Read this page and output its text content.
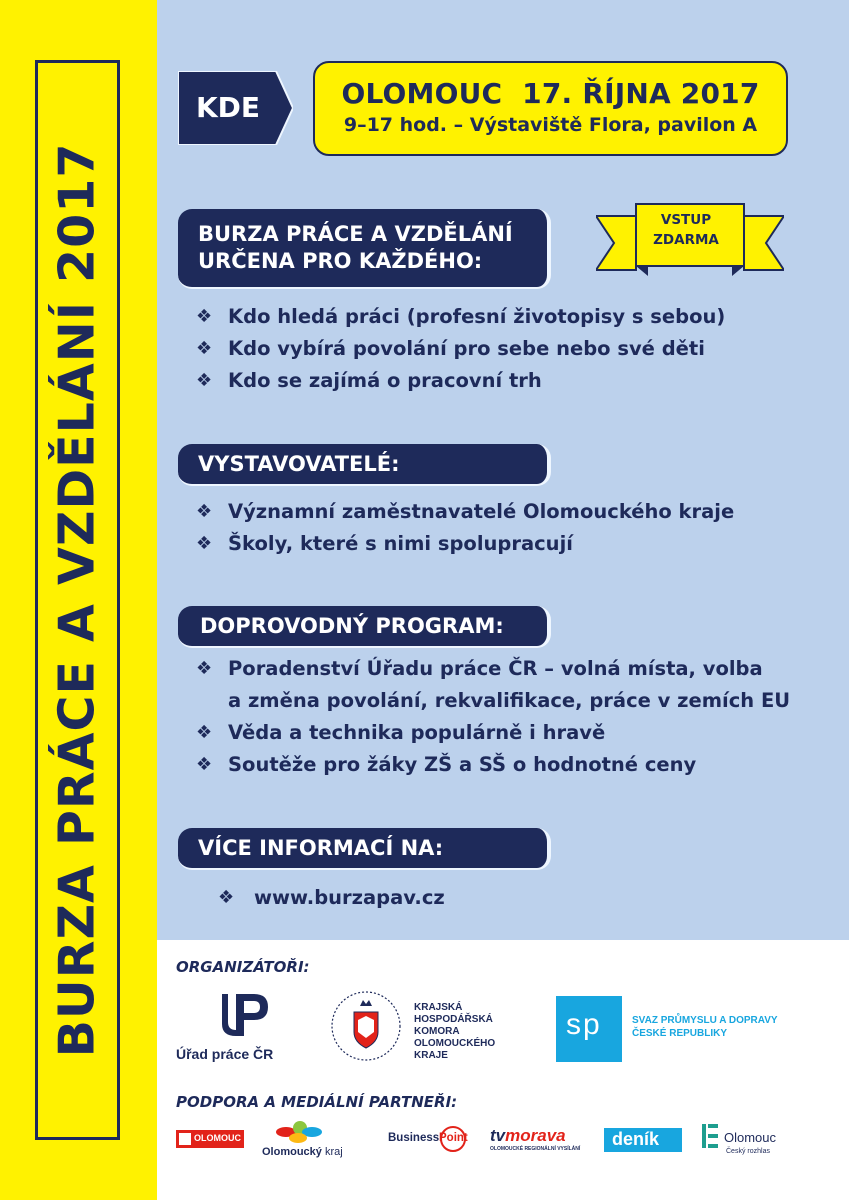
BURZA PRÁCE A VZDĚLÁNÍ 2017
KDE	OLOMOUC  17. ŘÍJNA 2017
9–17 hod. – Výstaviště Flora, pavilon A
BURZA PRÁCE A VZDĚLÁNÍ
URČENA PRO KAŽDÉHO:
VSTUP
ZDARMA
❖ Kdo hledá práci (profesní životopisy s sebou)
❖ Kdo vybírá povolání pro sebe nebo své děti
❖ Kdo se zajímá o pracovní trh
VYSTAVOVATELÉ:
❖ Významní zaměstnavatelé Olomouckého kraje
❖ Školy, které s nimi spolupracují
DOPROVODNÝ PROGRAM:
❖ Poradenství Úřadu práce ČR – volná místa, volba
a změna povolání, rekvalifikace, práce v zemích EU
❖ Věda a technika populárně i hravě
❖ Soutěže pro žáky ZŠ a SŠ o hodnotné ceny
VÍCE INFORMACÍ NA:
❖ www.burzapav.cz
ORGANIZÁTOŘI:
Úřad práce ČR
KRAJSKÁ
HOSPODÁŘSKÁ
KOMORA
OLOMOUCKÉHO
KRAJE
sp	SVAZ PRŮMYSLU A DOPRAVY
ČESKÉ REPUBLIKY
PODPORA A MEDIÁLNÍ PARTNEŘI:
OLOMOUC
Olomoucký kraj
Business Point tvmorava
OLOMOUCKÉ REGIONÁLNÍ VYSÍLÁNÍ deník	Olomouc
Český rozhlas
